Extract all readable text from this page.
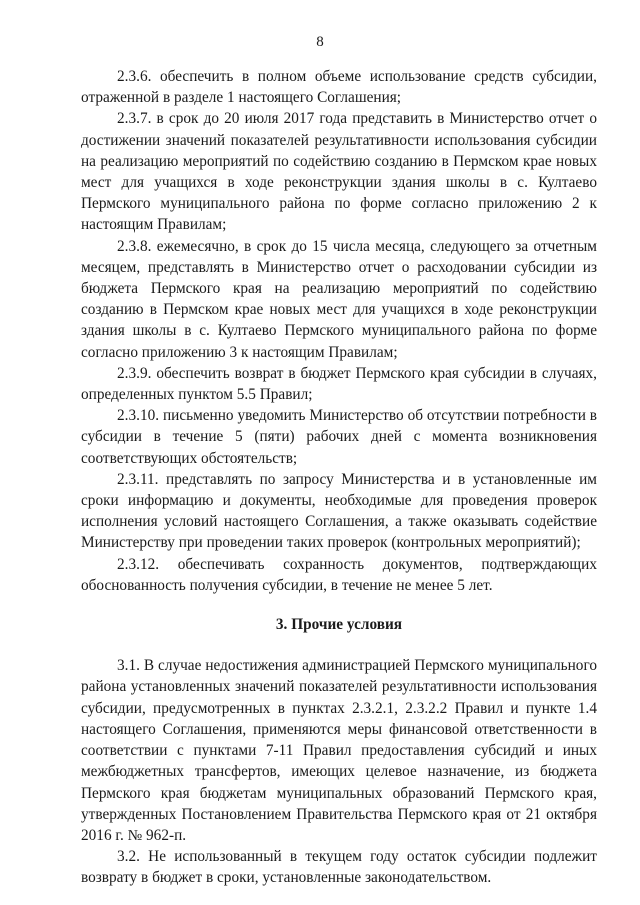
8

2.3.6. обеспечить в полном объеме использование средств субсидии, отраженной в разделе 1 настоящего Соглашения;

2.3.7. в срок до 20 июля 2017 года представить в Министерство отчет о достижении значений показателей результативности использования субсидии на реализацию мероприятий по содействию созданию в Пермском крае новых мест для учащихся в ходе реконструкции здания школы в с. Култаево Пермского муниципального района по форме согласно приложению 2 к настоящим Правилам;

2.3.8. ежемесячно, в срок до 15 числа месяца, следующего за отчетным месяцем, представлять в Министерство отчет о расходовании субсидии из бюджета Пермского края на реализацию мероприятий по содействию созданию в Пермском крае новых мест для учащихся в ходе реконструкции здания школы в с. Култаево Пермского муниципального района по форме согласно приложению 3 к настоящим Правилам;

2.3.9. обеспечить возврат в бюджет Пермского края субсидии в случаях, определенных пунктом 5.5 Правил;

2.3.10. письменно уведомить Министерство об отсутствии потребности в субсидии в течение 5 (пяти) рабочих дней с момента возникновения соответствующих обстоятельств;

2.3.11. представлять по запросу Министерства и в установленные им сроки информацию и документы, необходимые для проведения проверок исполнения условий настоящего Соглашения, а также оказывать содействие Министерству при проведении таких проверок (контрольных мероприятий);

2.3.12. обеспечивать сохранность документов, подтверждающих обоснованность получения субсидии, в течение не менее 5 лет.

3. Прочие условия

3.1. В случае недостижения администрацией Пермского муниципального района установленных значений показателей результативности использования субсидии, предусмотренных в пунктах 2.3.2.1, 2.3.2.2 Правил и пункте 1.4 настоящего Соглашения, применяются меры финансовой ответственности в соответствии с пунктами 7-11 Правил предоставления субсидий и иных межбюджетных трансфертов, имеющих целевое назначение, из бюджета Пермского края бюджетам муниципальных образований Пермского края, утвержденных Постановлением Правительства Пермского края от 21 октября 2016 г. № 962-п.

3.2. Не использованный в текущем году остаток субсидии подлежит возврату в бюджет в сроки, установленные законодательством.
